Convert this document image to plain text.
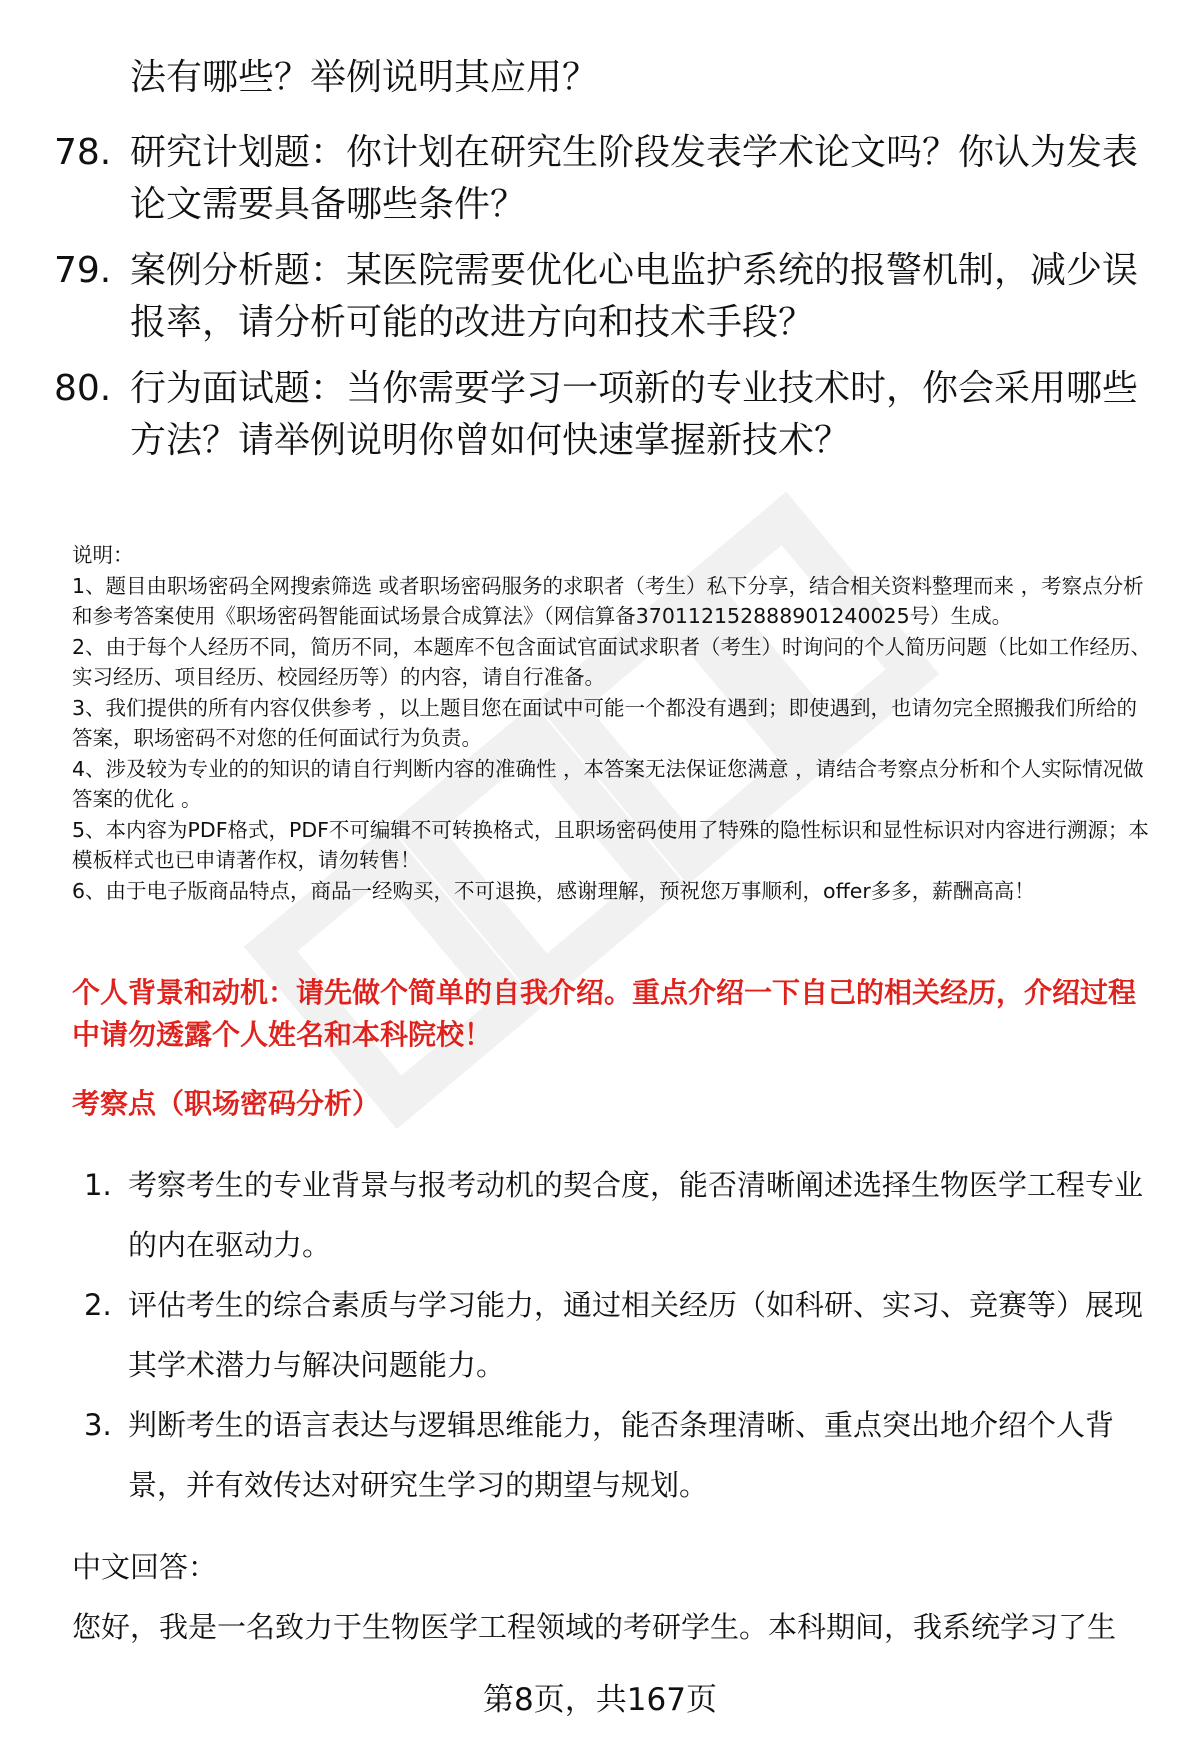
法有哪些？举例说明其应用？
78. 研究计划题：你计划在研究生阶段发表学术论文吗？你认为发表
论文需要具备哪些条件？
79. 案例分析题：某医院需要优化心电监护系统的报警机制，减少误
报率，请分析可能的改进方向和技术手段？
80. 行为面试题：当你需要学习一项新的专业技术时，你会采用哪些
方法？请举例说明你曾如何快速掌握新技术？

说明：

1、题目由职场密码全网搜索筛选 或者职场密码服务的求职者（考生）私下分享，结合相关资料整理而来 ，考察点分析和参考答案使用《职场密码智能面试场景合成算法》（网信算备370112152888901240025号）生成。

2、由于每个人经历不同，简历不同，本题库不包含面试官面试求职者（考生）时询问的个人简历问题（比如工作经历、实习经历、项目经历、校园经历等）的内容，请自行准备。

3、我们提供的所有内容仅供参考 ，以上题目您在面试中可能一个都没有遇到；即使遇到，也请勿完全照搬我们所给的答案，职场密码不对您的任何面试行为负责。

4、涉及较为专业的的知识的请自行判断内容的准确性 ，本答案无法保证您满意 ，请结合考察点分析和个人实际情况做答案的优化 。

5、本内容为PDF格式，PDF不可编辑不可转换格式，且职场密码使用了特殊的隐性标识和显性标识对内容进行溯源；本模板样式也已申请著作权，请勿转售！

6、由于电子版商品特点，商品一经购买，不可退换，感谢理解，预祝您万事顺利，offer多多，薪酬高高！

个人背景和动机：请先做个简单的自我介绍。重点介绍一下自己的相关经历，介绍过程中请勿透露个人姓名和本科院校！
考察点（职场密码分析）
1. 考察考生的专业背景与报考动机的契合度，能否清晰阐述选择生物医学工程专业的内在驱动力。
2. 评估考生的综合素质与学习能力，通过相关经历（如科研、实习、竞赛等）展现其学术潜力与解决问题能力。
3. 判断考生的语言表达与逻辑思维能力，能否条理清晰、重点突出地介绍个人背景，并有效传达对研究生学习的期望与规划。
中文回答：
您好，我是一名致力于生物医学工程领域的考研学生。本科期间，我系统学习了生
第8页，共167页
